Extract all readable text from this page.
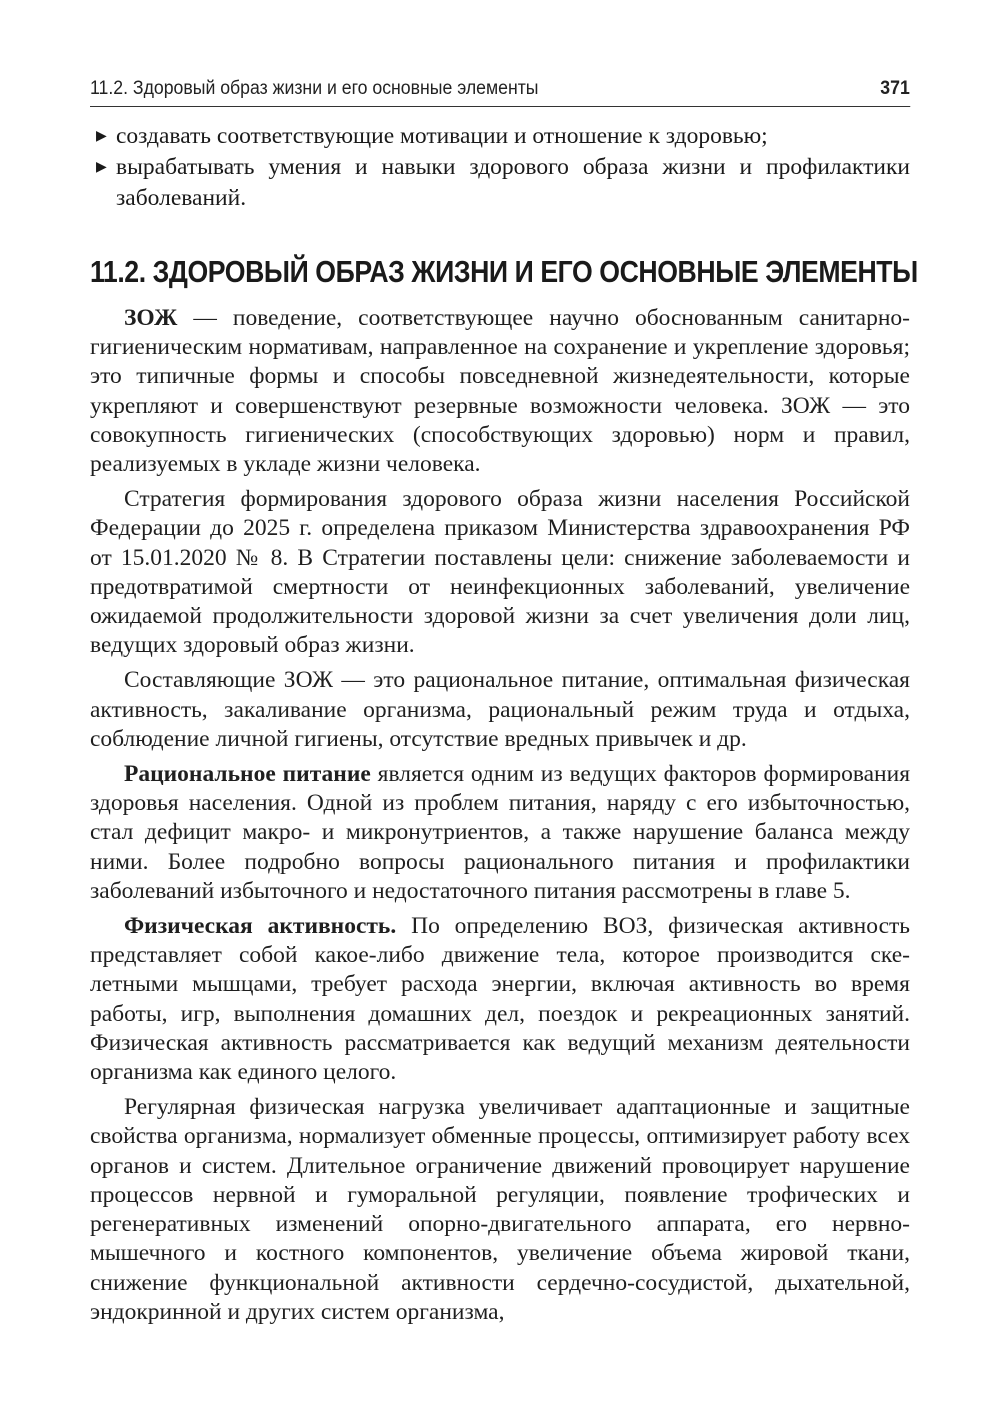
11.2. Здоровый образ жизни и его основные элементы	371
▶ создавать соответствующие мотивации и отношение к здоровью;
▶ вырабатывать умения и навыки здорового образа жизни и профилактики заболеваний.
11.2. ЗДОРОВЫЙ ОБРАЗ ЖИЗНИ И ЕГО ОСНОВНЫЕ ЭЛЕМЕНТЫ

ЗОЖ — поведение, соответствующее научно обоснованным санитарно-гигиеническим нормативам, направленное на сохранение и укрепление здоровья; это типичные формы и способы повседневной жизнедеятельности, которые укрепляют и совершенствуют резервные возможности человека. ЗОЖ — это совокупность гигиенических (способствующих здоровью) норм и правил, реализуемых в укладе жизни человека.

Стратегия формирования здорового образа жизни населения Российской Федерации до 2025 г. определена приказом Министерства здравоохранения РФ от 15.01.2020 № 8. В Стратегии поставлены цели: снижение заболеваемости и предотвратимой смертности от неинфекционных заболеваний, увеличение ожидаемой продолжительности здоровой жизни за счет увеличения доли лиц, ведущих здоровый образ жизни.

Составляющие ЗОЖ — это рациональное питание, оптимальная физическая активность, закаливание организма, рациональный режим труда и отдыха, соблюдение личной гигиены, отсутствие вредных привычек и др.

Рациональное питание является одним из ведущих факторов формирования здоровья населения. Одной из проблем питания, наряду с его избыточностью, стал дефицит макро- и микронутриентов, а также нарушение баланса между ними. Более подробно вопросы рационального питания и профилактики заболеваний избыточного и недостаточного питания рассмотрены в главе 5.

Физическая активность. По определению ВОЗ, физическая активность представляет собой какое-либо движение тела, которое производится скелетными мышцами, требует расхода энергии, включая активность во время работы, игр, выполнения домашних дел, поездок и рекреационных занятий. Физическая активность рассматривается как ведущий механизм деятельности организма как единого целого.

Регулярная физическая нагрузка увеличивает адаптационные и защитные свойства организма, нормализует обменные процессы, оптимизирует работу всех органов и систем. Длительное ограничение движений провоцирует нарушение процессов нервной и гуморальной регуляции, появление трофических и регенеративных изменений опорно-двигательного аппарата, его нервно-мышечного и костного компонентов, увеличение объема жировой ткани, снижение функциональной активности сердечно-сосудистой, дыхательной, эндокринной и других систем организма,
